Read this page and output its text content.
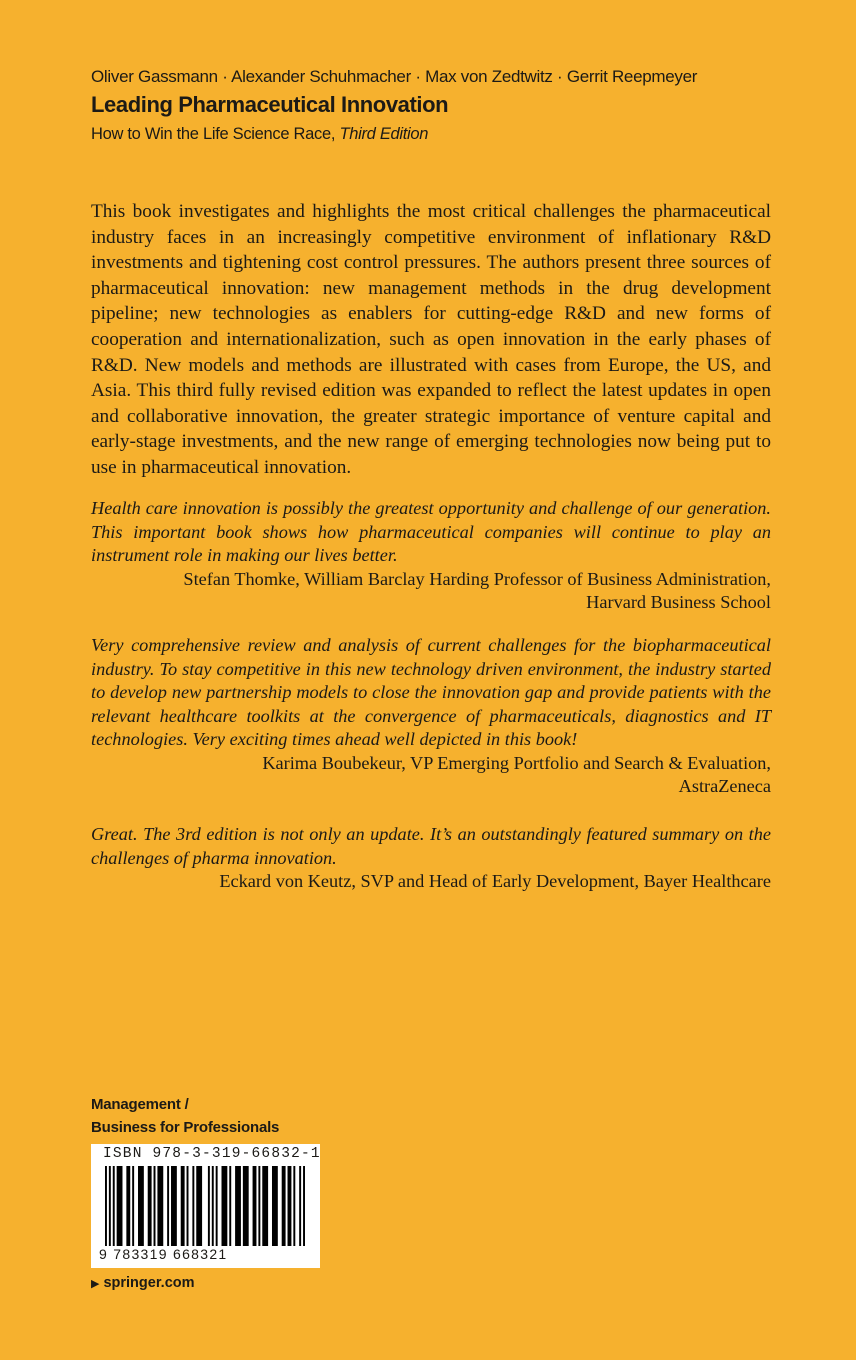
Oliver Gassmann · Alexander Schuhmacher · Max von Zedtwitz · Gerrit Reepmeyer

Leading Pharmaceutical Innovation

How to Win the Life Science Race, Third Edition

This book investigates and highlights the most critical challenges the pharmaceutical industry faces in an increasingly competitive environment of inflationary R&D investments and tightening cost control pressures. The authors present three sources of pharmaceutical innovation: new management methods in the drug development pipeline; new technologies as enablers for cutting-edge R&D and new forms of cooperation and internationalization, such as open innovation in the early phases of R&D. New models and methods are illustrated with cases from Europe, the US, and Asia. This third fully revised edition was expanded to reflect the latest updates in open and collaborative innovation, the greater strategic importance of venture capital and early-stage investments, and the new range of emerging technologies now being put to use in pharmaceutical innovation.

Health care innovation is possibly the greatest opportunity and challenge of our generation. This important book shows how pharmaceutical companies will continue to play an instrument role in making our lives better.

Stefan Thomke, William Barclay Harding Professor of Business Administration,
Harvard Business School

Very comprehensive review and analysis of current challenges for the biopharmaceutical industry. To stay competitive in this new technology driven environment, the industry started to develop new partnership models to close the innovation gap and provide patients with the relevant healthcare toolkits at the convergence of pharmaceuticals, diagnostics and IT technologies. Very exciting times ahead well depicted in this book!

Karima Boubekeur, VP Emerging Portfolio and Search & Evaluation,
AstraZeneca

Great. The 3rd edition is not only an update. It’s an outstandingly featured summary on the challenges of pharma innovation.

Eckard von Keutz, SVP and Head of Early Development, Bayer Healthcare
Management /
Business for Professionals
ISBN 978-3-319-66832-1
9 783319 668321
▶ springer.com
